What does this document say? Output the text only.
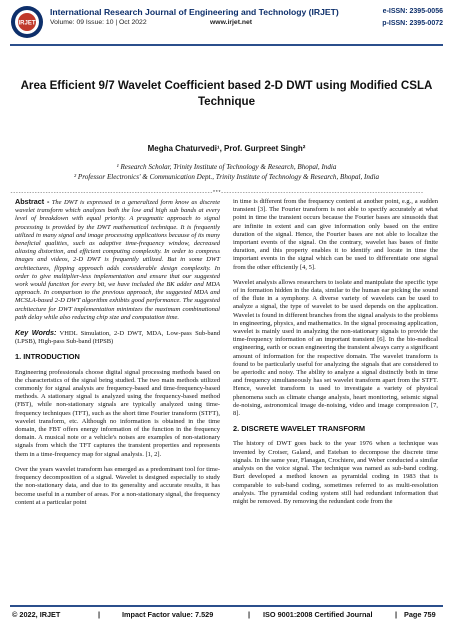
IRJET
International Research Journal of Engineering and Technology (IRJET)
Volume: 09 Issue: 10 | Oct 2022	www.irjet.net
e-ISSN: 2395-0056
p-ISSN: 2395-0072
Area Efficient 9/7 Wavelet Coefficient based 2-D DWT using Modified CSLA Technique
Megha Chaturvedi¹, Prof. Gurpreet Singh²
¹ Research Scholar, Trinity Institute of Technology & Research, Bhopal, India
² Professor Electronics' & Communication Dept., Trinity Institute of Technology & Research, Bhopal, India
---------------------------------------------------------------------------***---------------------------------------------------------------------------

Abstract - The DWT is expressed in a generalized form know as discrete wavelet transform which analyzes both the low and high sub bands at every level of breakdown with equal priority. A pragmatic approach to signal processing is provided by the DWT mathematical technique. It is frequently utilized in many signal and image processing applications because of its many beneficial qualities, such as adaptive time-frequency window, decreased aliasing distortion, and efficient computing complexity. In order to compress images and videos, 2-D DWT is frequently utilized. But in some DWT architectures, flipping approach adds considerable design complexity. In order to give multiplier-less implementation and ensure that our suggested work would function for every bit, we have included the BK adder and MDA approach. In comparison to the previous approach, the suggested MDA and MCSLA-based 2-D DWT algorithm exhibits good performance. The suggested architecture for DWT implementation minimizes the maximum combinational path delay while also reducing chip size and computation time.

Key Words: VHDL Simulation, 2-D DWT, MDA, Low-pass Sub-band (LPSB), High-pass Sub-band (HPSB)

1. INTRODUCTION

Engineering professionals choose digital signal processing methods based on the characteristics of the signal being studied. The two main methods utilized commonly for signal analysis are frequency-based and time-frequency-based methods. A stationary signal is analyzed using the frequency-based method (FBT), while non-stationary signals are typically analyzed using time-frequency techniques (TFT), such as the short time Fourier transform (STFT), wavelet transform, etc. Although no information is obtained in the time domain, the FBT offers energy information of the function in the frequency domain. A musical note or a vehicle's noises are examples of non-stationary signals from which the TFT captures the transient properties and represents them in a time-frequency map for signal analysis. [1, 2].

Over the years wavelet transform has emerged as a predominant tool for time-frequency decomposition of a signal. Wavelet is designed especially to study the non-stationary data, and due to its generality and accurate results, it has become useful in a number of areas. For a non-stationary signal, the frequency content at a particular point

in time is different from the frequency content at another point, e.g., a sudden transient [3]. The Fourier transform is not able to specify accurately at what point in time the transient occurs because the Fourier bases are sinusoids that are infinite in extent and can give information only based on the entire duration of the signal. Hence, the Fourier bases are not able to localize the important events of the signal. On the contrary, wavelet has bases of finite duration, and this property enables it to identify and locate in time the important events in the signal which can be used to differentiate one signal from the other efficiently [4, 5].

Wavelet analysis allows researchers to isolate and manipulate the specific type of in formation hidden in the data, similar to the human ear picking the sound of the flute in a symphony. A diverse variety of wavelets can be used to analyze a signal, the type of wavelet to be used depends on the application. Wavelet is found in different branches from the signal analysis to the problems in engineering, physics, and mathematics. In the signal processing application, wavelet is mainly used in analyzing the non-stationary signals to provide the time-frequency information of an important transient [6]. In the bio-medical engineering, earth or ocean engineering the transient always carry a significant amount of information for the respective domain. The wavelet transform is found to be particularly useful for analyzing the signals that are considered to be aperiodic and noisy. The ability to analyze a signal distinctly both in time and frequency simultaneously has set wavelet transform apart from the STFT. Hence, wavelet transform is used to investigate a variety of physical phenomena such as climate change analysis, heart monitoring, seismic signal de-noising, astronomical image de-noising, video and image compression [7, 8].

2. DISCRETE WAVELET TRANSFORM

The history of DWT goes back to the year 1976 when a technique was invented by Croiser, Galand, and Esteban to decompose the discrete time signals. In the same year, Flanagan, Crochiere, and Weber conducted a similar analysis on the voice signal. The technique was named as sub-band coding. Burt developed a method known as pyramidal coding in 1983 that is comparable to sub-band coding, sometimes referred to as multi-resolution analysis. The pyramidal coding system still had redundant information that might be removed. By removing the redundant code from the

© 2022, IRJET	|	Impact Factor value: 7.529	| ISO 9001:2008 Certified Journal	| Page 759
